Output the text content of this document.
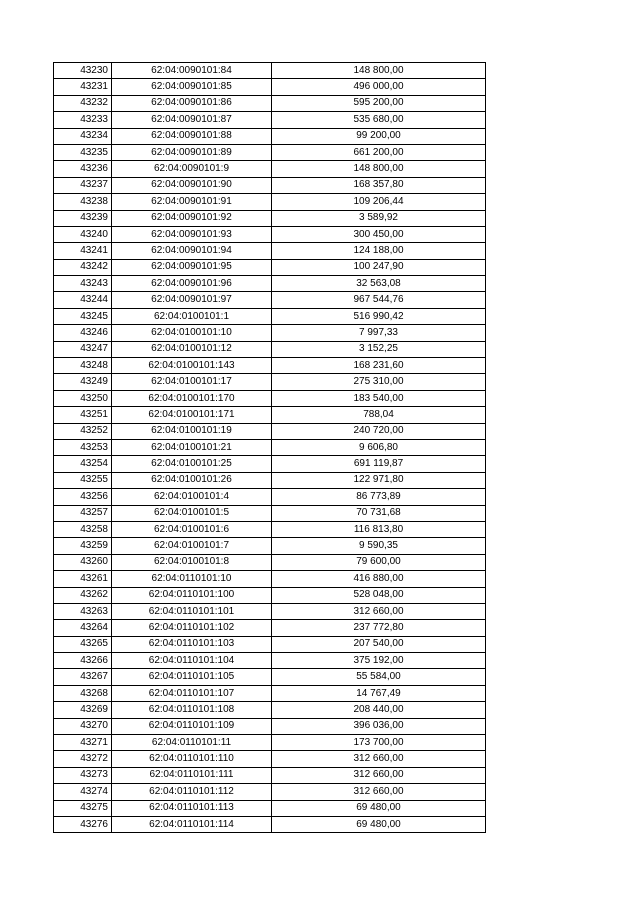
43230	62:04:0090101:84	148 800,00
43231	62:04:0090101:85	496 000,00
43232	62:04:0090101:86	595 200,00
43233	62:04:0090101:87	535 680,00
43234	62:04:0090101:88	99 200,00
43235	62:04:0090101:89	661 200,00
43236	62:04:0090101:9	148 800,00
43237	62:04:0090101:90	168 357,80
43238	62:04:0090101:91	109 206,44
43239	62:04:0090101:92	3 589,92
43240	62:04:0090101:93	300 450,00
43241	62:04:0090101:94	124 188,00
43242	62:04:0090101:95	100 247,90
43243	62:04:0090101:96	32 563,08
43244	62:04:0090101:97	967 544,76
43245	62:04:0100101:1	516 990,42
43246	62:04:0100101:10	7 997,33
43247	62:04:0100101:12	3 152,25
43248	62:04:0100101:143	168 231,60
43249	62:04:0100101:17	275 310,00
43250	62:04:0100101:170	183 540,00
43251	62:04:0100101:171	788,04
43252	62:04:0100101:19	240 720,00
43253	62:04:0100101:21	9 606,80
43254	62:04:0100101:25	691 119,87
43255	62:04:0100101:26	122 971,80
43256	62:04:0100101:4	86 773,89
43257	62:04:0100101:5	70 731,68
43258	62:04:0100101:6	116 813,80
43259	62:04:0100101:7	9 590,35
43260	62:04:0100101:8	79 600,00
43261	62:04:0110101:10	416 880,00
43262	62:04:0110101:100	528 048,00
43263	62:04:0110101:101	312 660,00
43264	62:04:0110101:102	237 772,80
43265	62:04:0110101:103	207 540,00
43266	62:04:0110101:104	375 192,00
43267	62:04:0110101:105	55 584,00
43268	62:04:0110101:107	14 767,49
43269	62:04:0110101:108	208 440,00
43270	62:04:0110101:109	396 036,00
43271	62:04:0110101:11	173 700,00
43272	62:04:0110101:110	312 660,00
43273	62:04:0110101:111	312 660,00
43274	62:04:0110101:112	312 660,00
43275	62:04:0110101:113	69 480,00
43276	62:04:0110101:114	69 480,00
